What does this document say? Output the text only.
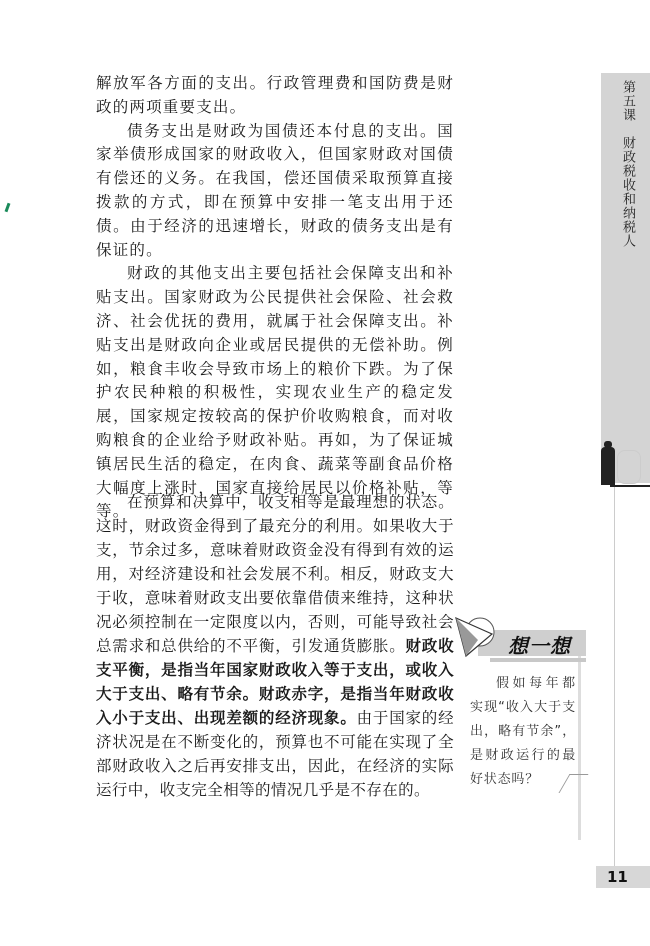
解放军各方面的支出。行政管理费和国防费是财政的两项重要支出。

债务支出是财政为国债还本付息的支出。国家举债形成国家的财政收入，但国家财政对国债有偿还的义务。在我国，偿还国债采取预算直接拨款的方式，即在预算中安排一笔支出用于还债。由于经济的迅速增长，财政的债务支出是有保证的。

财政的其他支出主要包括社会保障支出和补贴支出。国家财政为公民提供社会保险、社会救济、社会优抚的费用，就属于社会保障支出。补贴支出是财政向企业或居民提供的无偿补助。例如，粮食丰收会导致市场上的粮价下跌。为了保护农民种粮的积极性，实现农业生产的稳定发展，国家规定按较高的保护价收购粮食，而对收购粮食的企业给予财政补贴。再如，为了保证城镇居民生活的稳定，在肉食、蔬菜等副食品价格大幅度上涨时，国家直接给居民以价格补贴，等等。

在预算和决算中，收支相等是最理想的状态。这时，财政资金得到了最充分的利用。如果收大于支，节余过多，意味着财政资金没有得到有效的运用，对经济建设和社会发展不利。相反，财政支大于收，意味着财政支出要依靠借债来维持，这种状况必须控制在一定限度以内，否则，可能导致社会总需求和总供给的不平衡，引发通货膨胀。财政收支平衡，是指当年国家财政收入等于支出，或收入大于支出、略有节余。财政赤字，是指当年财政收入小于支出、出现差额的经济现象。由于国家的经济状况是在不断变化的，预算也不可能在实现了全部财政收入之后再安排支出，因此，在经济的实际运行中，收支完全相等的情况几乎是不存在的。

第五课　财政税收和纳税人
想一想
假如每年都实现“收入大于支出，略有节余”，是财政运行的最好状态吗？
11
